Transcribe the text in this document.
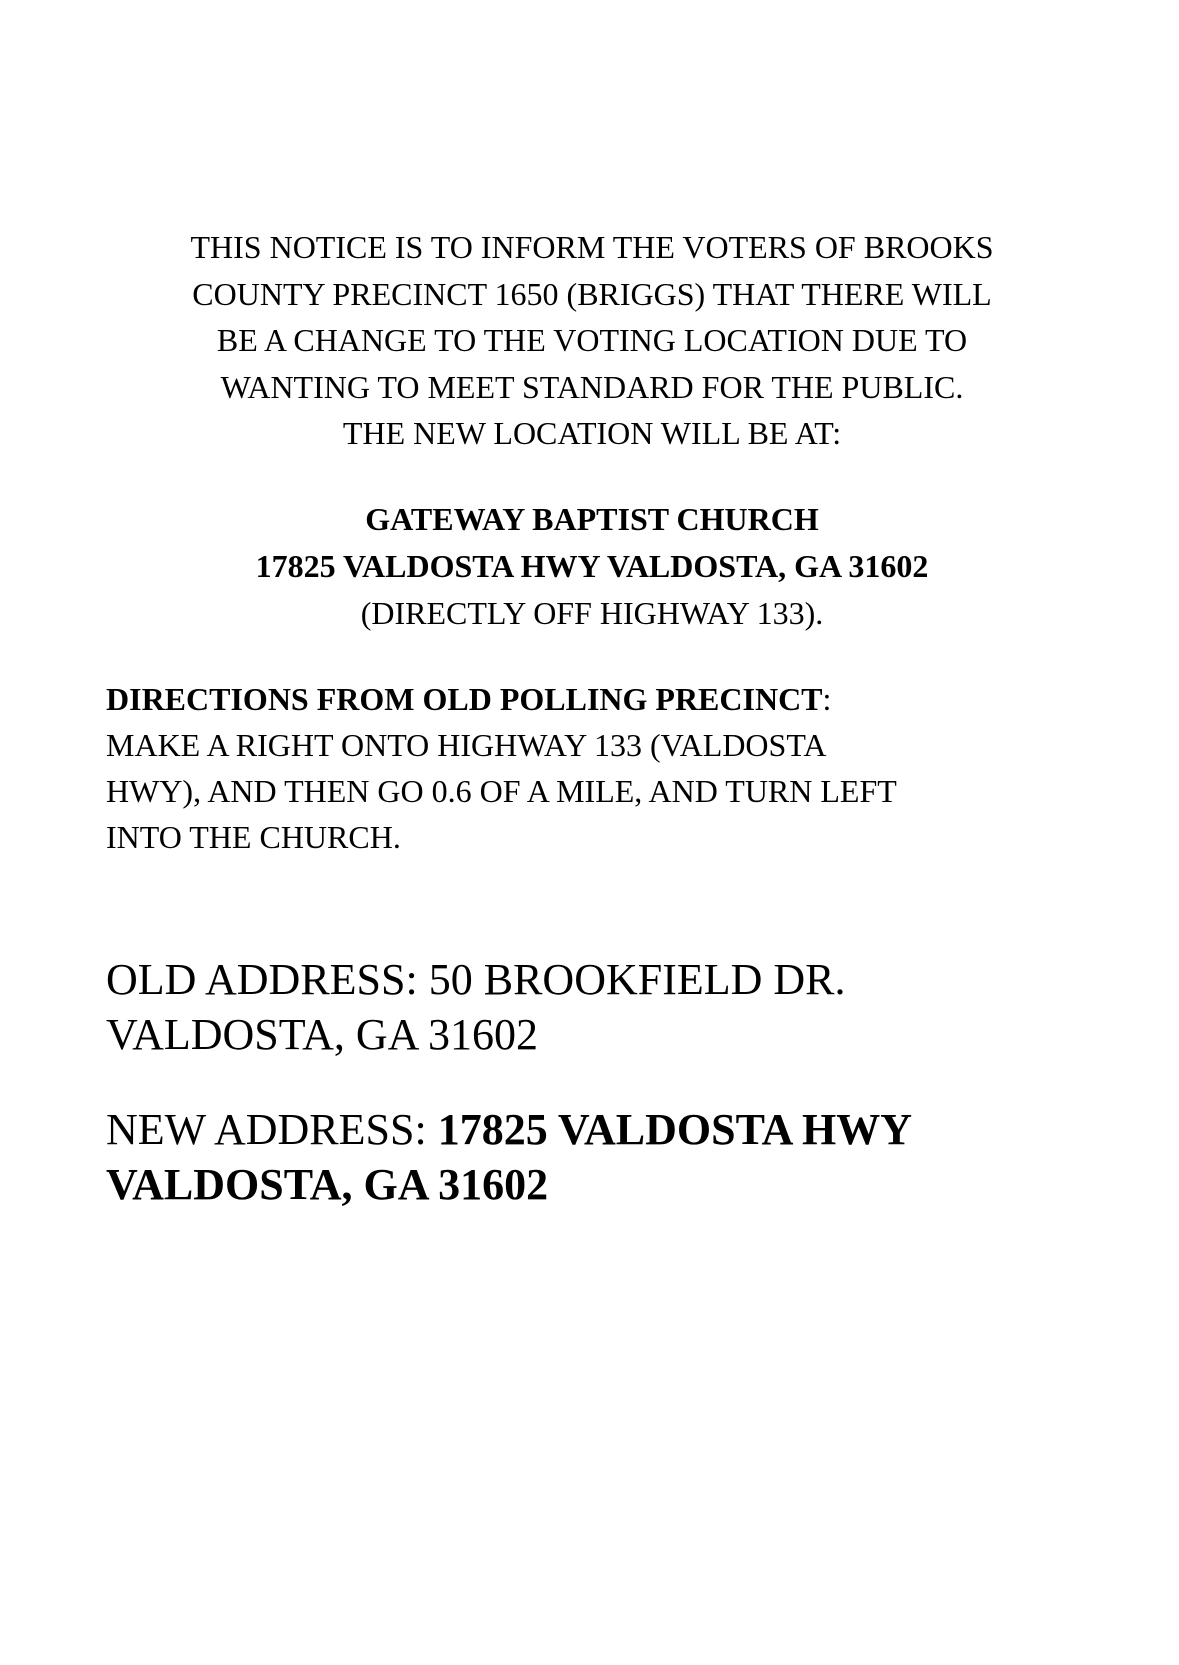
THIS NOTICE IS TO INFORM THE VOTERS OF BROOKS
COUNTY PRECINCT 1650 (BRIGGS) THAT THERE WILL
BE A CHANGE TO THE VOTING LOCATION DUE TO
WANTING TO MEET STANDARD FOR THE PUBLIC.
THE NEW LOCATION WILL BE AT:
GATEWAY BAPTIST CHURCH
17825 VALDOSTA HWY VALDOSTA, GA 31602
(DIRECTLY OFF HIGHWAY 133).
DIRECTIONS FROM OLD POLLING PRECINCT:
MAKE A RIGHT ONTO HIGHWAY 133 (VALDOSTA
HWY), AND THEN GO 0.6 OF A MILE, AND TURN LEFT
INTO THE CHURCH.
OLD ADDRESS: 50 BROOKFIELD DR.
VALDOSTA, GA 31602
NEW ADDRESS: 17825 VALDOSTA HWY
VALDOSTA, GA 31602
